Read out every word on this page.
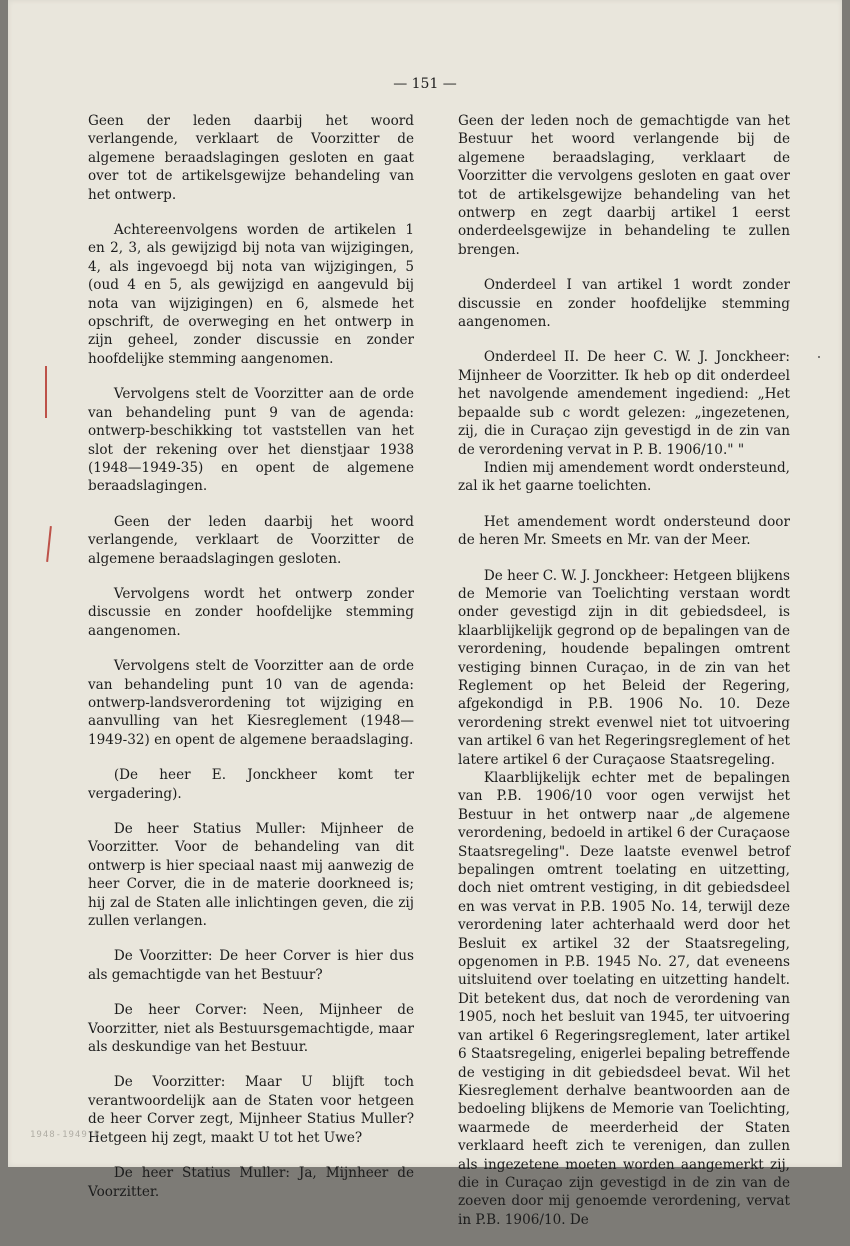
— 151 —

Geen der leden daarbij het woord verlangende, verklaart de Voorzitter de algemene beraadslagingen gesloten en gaat over tot de artikelsgewijze behandeling van het ontwerp.

Achtereenvolgens worden de artikelen 1 en 2, 3, als gewijzigd bij nota van wijzigingen, 4, als ingevoegd bij nota van wijzigingen, 5 (oud 4 en 5, als gewijzigd en aangevuld bij nota van wijzigingen) en 6, alsmede het opschrift, de overweging en het ontwerp in zijn geheel, zonder discussie en zonder hoofdelijke stemming aangenomen.

Vervolgens stelt de Voorzitter aan de orde van behandeling punt 9 van de agenda: ontwerp-beschikking tot vaststellen van het slot der rekening over het dienstjaar 1938 (1948—1949-35) en opent de algemene beraadslagingen.

Geen der leden daarbij het woord verlangende, verklaart de Voorzitter de algemene beraadslagingen gesloten.

Vervolgens wordt het ontwerp zonder discussie en zonder hoofdelijke stemming aangenomen.

Vervolgens stelt de Voorzitter aan de orde van behandeling punt 10 van de agenda: ontwerp-landsverordening tot wijziging en aanvulling van het Kiesreglement (1948—1949-32) en opent de algemene beraadslaging.

(De heer E. Jonckheer komt ter vergadering).

De heer Statius Muller: Mijnheer de Voorzitter. Voor de behandeling van dit ontwerp is hier speciaal naast mij aanwezig de heer Corver, die in de materie doorkneed is; hij zal de Staten alle inlichtingen geven, die zij zullen verlangen.

De Voorzitter: De heer Corver is hier dus als gemachtigde van het Bestuur?

De heer Corver: Neen, Mijnheer de Voorzitter, niet als Bestuursgemachtigde, maar als deskundige van het Bestuur.

De Voorzitter: Maar U blijft toch verantwoordelijk aan de Staten voor hetgeen de heer Corver zegt, Mijnheer Statius Muller? Hetgeen hij zegt, maakt U tot het Uwe?

De heer Statius Muller: Ja, Mijnheer de Voorzitter.

Geen der leden noch de gemachtigde van het Bestuur het woord verlangende bij de algemene beraadslaging, verklaart de Voorzitter die vervolgens gesloten en gaat over tot de artikelsgewijze behandeling van het ontwerp en zegt daarbij artikel 1 eerst onderdeelsgewijze in behandeling te zullen brengen.

Onderdeel I van artikel 1 wordt zonder discussie en zonder hoofdelijke stemming aangenomen.

Onderdeel II. De heer C. W. J. Jonckheer: Mijnheer de Voorzitter. Ik heb op dit onderdeel het navolgende amendement ingediend: „Het bepaalde sub c wordt gelezen: „ingezetenen, zij, die in Curaçao zijn gevestigd in de zin van de verordening vervat in P. B. 1906/10." "

Indien mij amendement wordt ondersteund, zal ik het gaarne toelichten.

Het amendement wordt ondersteund door de heren Mr. Smeets en Mr. van der Meer.

De heer C. W. J. Jonckheer: Hetgeen blijkens de Memorie van Toelichting verstaan wordt onder gevestigd zijn in dit gebiedsdeel, is klaarblijkelijk gegrond op de bepalingen van de verordening, houdende bepalingen omtrent vestiging binnen Curaçao, in de zin van het Reglement op het Beleid der Regering, afgekondigd in P.B. 1906 No. 10. Deze verordening strekt evenwel niet tot uitvoering van artikel 6 van het Regeringsreglement of het latere artikel 6 der Curaçaose Staatsregeling.

Klaarblijkelijk echter met de bepalingen van P.B. 1906/10 voor ogen verwijst het Bestuur in het ontwerp naar „de algemene verordening, bedoeld in artikel 6 der Curaçaose Staatsregeling". Deze laatste evenwel betrof bepalingen omtrent toelating en uitzetting, doch niet omtrent vestiging, in dit gebiedsdeel en was vervat in P.B. 1905 No. 14, terwijl deze verordening later achterhaald werd door het Besluit ex artikel 32 der Staatsregeling, opgenomen in P.B. 1945 No. 27, dat eveneens uitsluitend over toelating en uitzetting handelt. Dit betekent dus, dat noch de verordening van 1905, noch het besluit van 1945, ter uitvoering van artikel 6 Regeringsreglement, later artikel 6 Staatsregeling, enigerlei bepaling betreffende de vestiging in dit gebiedsdeel bevat. Wil het Kiesreglement derhalve beantwoorden aan de bedoeling blijkens de Memorie van Toelichting, waarmede de meerderheid der Staten verklaard heeft zich te verenigen, dan zullen als ingezetene moeten worden aangemerkt zij, die in Curaçao zijn gevestigd in de zin van de zoeven door mij genoemde verordening, vervat in P.B. 1906/10. De

1948-1949 R
